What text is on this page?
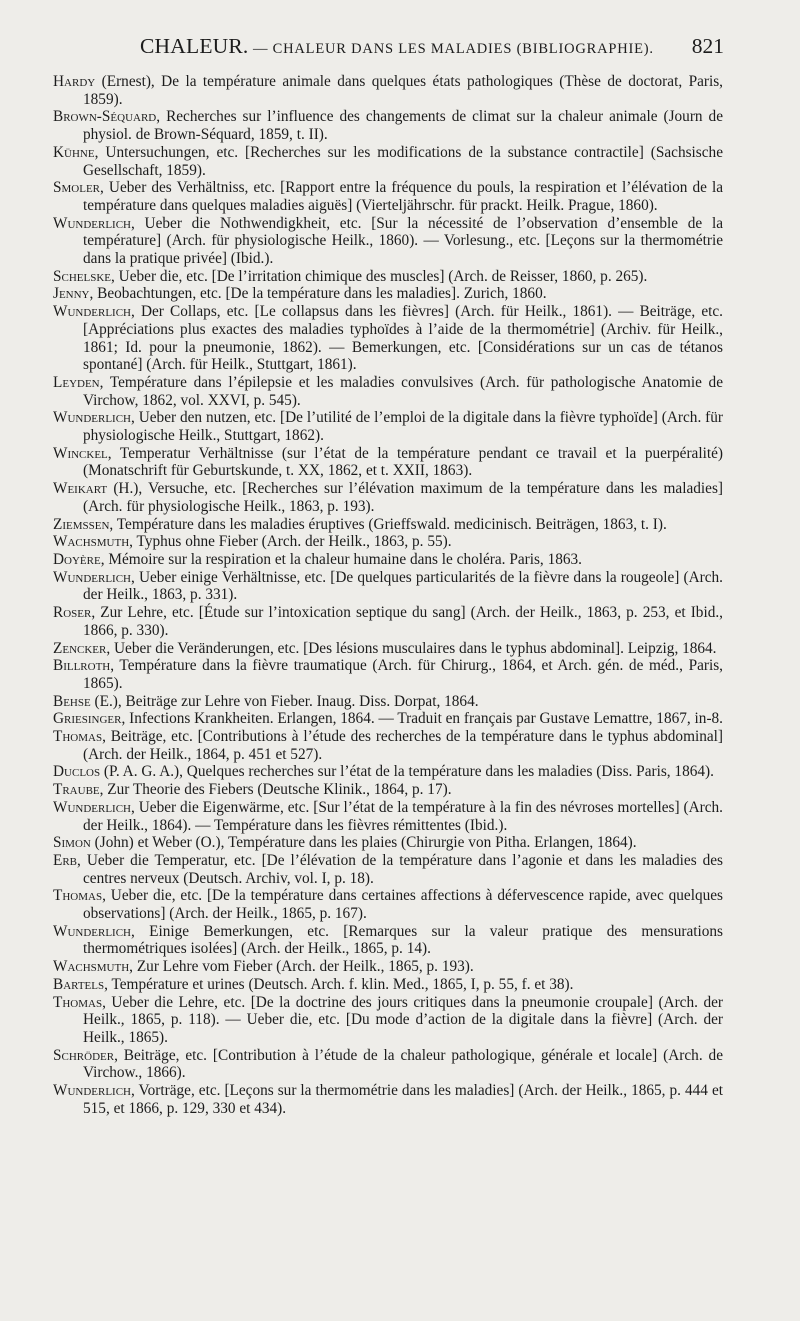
CHALEUR. — CHALEUR DANS LES MALADIES (BIBLIOGRAPHIE). 821
Hardy (Ernest), De la température animale dans quelques états pathologiques (Thèse de doctorat, Paris, 1859).
Brown-Séquard, Recherches sur l’influence des changements de climat sur la chaleur animale (Journ de physiol. de Brown-Séquard, 1859, t. II).
Kühne, Untersuchungen, etc. [Recherches sur les modifications de la substance contractile] (Sachsische Gesellschaft, 1859).
Smoler, Ueber des Verhältniss, etc. [Rapport entre la fréquence du pouls, la respiration et l’élévation de la température dans quelques maladies aiguës] (Vierteljährschr. für prackt. Heilk. Prague, 1860).
Wunderlich, Ueber die Nothwendigkheit, etc. [Sur la nécessité de l’observation d’ensemble de la température] (Arch. für physiologische Heilk., 1860). — Vorlesung., etc. [Leçons sur la thermométrie dans la pratique privée] (Ibid.).
Schelske, Ueber die, etc. [De l’irritation chimique des muscles] (Arch. de Reisser, 1860, p. 265).
Jenny, Beobachtungen, etc. [De la température dans les maladies]. Zurich, 1860.
Wunderlich, Der Collaps, etc. [Le collapsus dans les fièvres] (Arch. für Heilk., 1861). — Beiträge, etc. [Appréciations plus exactes des maladies typhoïdes à l’aide de la thermométrie] (Archiv. für Heilk., 1861; Id. pour la pneumonie, 1862). — Bemerkungen, etc. [Considérations sur un cas de tétanos spontané] (Arch. für Heilk., Stuttgart, 1861).
Leyden, Température dans l’épilepsie et les maladies convulsives (Arch. für pathologische Anatomie de Virchow, 1862, vol. XXVI, p. 545).
Wunderlich, Ueber den nutzen, etc. [De l’utilité de l’emploi de la digitale dans la fièvre typhoïde] (Arch. für physiologische Heilk., Stuttgart, 1862).
Winckel, Temperatur Verhältnisse (sur l’état de la température pendant ce travail et la puerpéralité) (Monatschrift für Geburtskunde, t. XX, 1862, et t. XXII, 1863).
Weikart (H.), Versuche, etc. [Recherches sur l’élévation maximum de la température dans les maladies] (Arch. für physiologische Heilk., 1863, p. 193).
Ziemssen, Température dans les maladies éruptives (Grieffswald. medicinisch. Beiträgen, 1863, t. I).
Wachsmuth, Typhus ohne Fieber (Arch. der Heilk., 1863, p. 55).
Doyère, Mémoire sur la respiration et la chaleur humaine dans le choléra. Paris, 1863.
Wunderlich, Ueber einige Verhältnisse, etc. [De quelques particularités de la fièvre dans la rougeole] (Arch. der Heilk., 1863, p. 331).
Roser, Zur Lehre, etc. [Étude sur l’intoxication septique du sang] (Arch. der Heilk., 1863, p. 253, et Ibid., 1866, p. 330).
Zencker, Ueber die Veränderungen, etc. [Des lésions musculaires dans le typhus abdominal]. Leipzig, 1864.
Billroth, Température dans la fièvre traumatique (Arch. für Chirurg., 1864, et Arch. gén. de méd., Paris, 1865).
Behse (E.), Beiträge zur Lehre von Fieber. Inaug. Diss. Dorpat, 1864.
Griesinger, Infections Krankheiten. Erlangen, 1864. — Traduit en français par Gustave Lemattre, 1867, in-8.
Thomas, Beiträge, etc. [Contributions à l’étude des recherches de la température dans le typhus abdominal] (Arch. der Heilk., 1864, p. 451 et 527).
Duclos (P. A. G. A.), Quelques recherches sur l’état de la température dans les maladies (Diss. Paris, 1864).
Traube, Zur Theorie des Fiebers (Deutsche Klinik., 1864, p. 17).
Wunderlich, Ueber die Eigenwärme, etc. [Sur l’état de la température à la fin des névroses mortelles] (Arch. der Heilk., 1864). — Température dans les fièvres rémittentes (Ibid.).
Simon (John) et Weber (O.), Température dans les plaies (Chirurgie von Pitha. Erlangen, 1864).
Erb, Ueber die Temperatur, etc. [De l’élévation de la température dans l’agonie et dans les maladies des centres nerveux (Deutsch. Archiv, vol. I, p. 18).
Thomas, Ueber die, etc. [De la température dans certaines affections à défervescence rapide, avec quelques observations] (Arch. der Heilk., 1865, p. 167).
Wunderlich, Einige Bemerkungen, etc. [Remarques sur la valeur pratique des mensurations thermométriques isolées] (Arch. der Heilk., 1865, p. 14).
Wachsmuth, Zur Lehre vom Fieber (Arch. der Heilk., 1865, p. 193).
Bartels, Température et urines (Deutsch. Arch. f. klin. Med., 1865, I, p. 55, f. et 38).
Thomas, Ueber die Lehre, etc. [De la doctrine des jours critiques dans la pneumonie croupale] (Arch. der Heilk., 1865, p. 118). — Ueber die, etc. [Du mode d’action de la digitale dans la fièvre] (Arch. der Heilk., 1865).
Schröder, Beiträge, etc. [Contribution à l’étude de la chaleur pathologique, générale et locale] (Arch. de Virchow., 1866).
Wunderlich, Vorträge, etc. [Leçons sur la thermométrie dans les maladies] (Arch. der Heilk., 1865, p. 444 et 515, et 1866, p. 129, 330 et 434).
